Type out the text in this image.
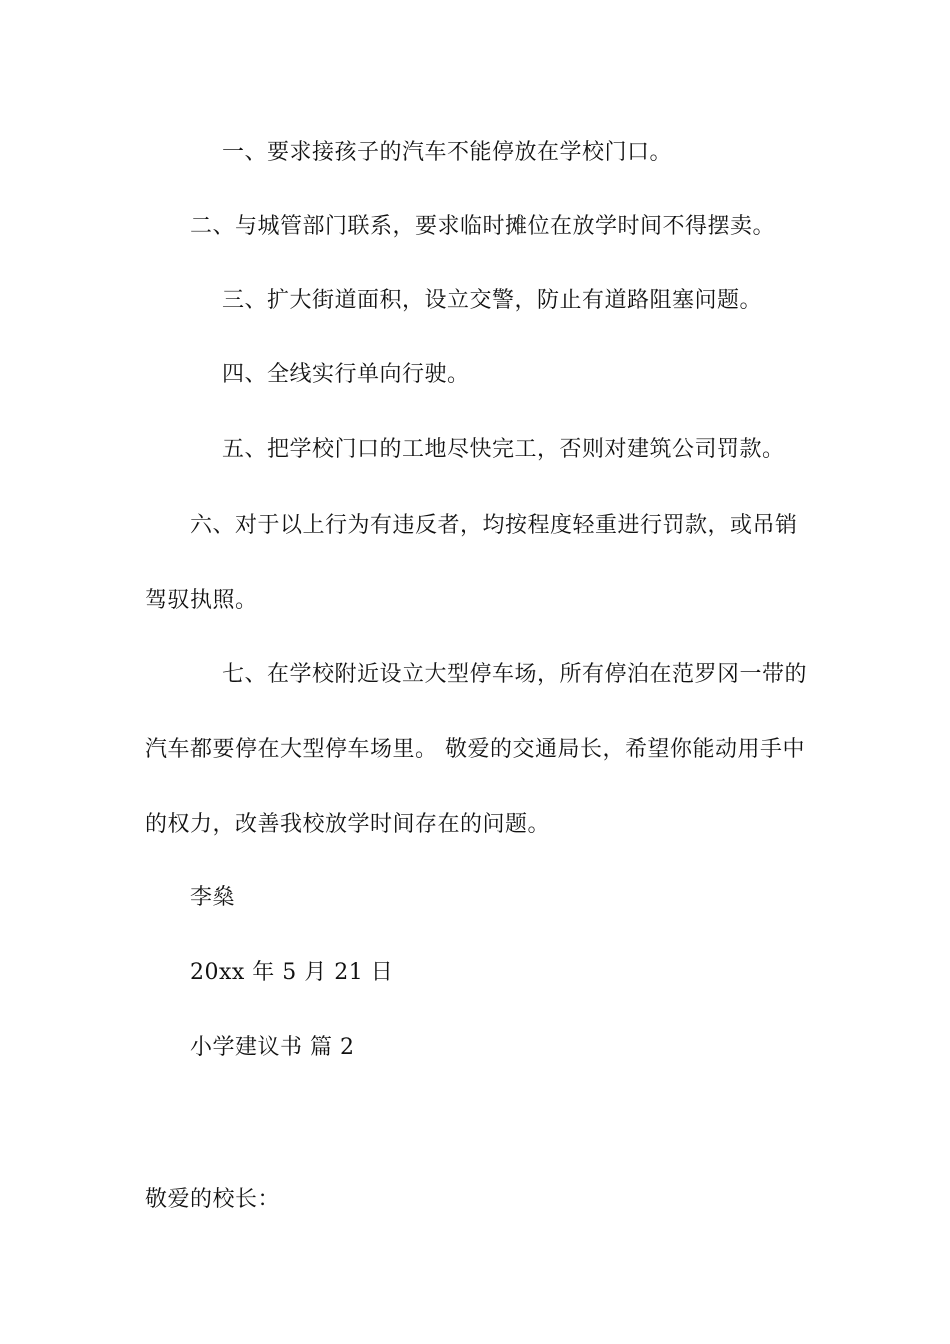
一、要求接孩子的汽车不能停放在学校门口。
二、与城管部门联系，要求临时摊位在放学时间不得摆卖。
三、扩大街道面积，设立交警，防止有道路阻塞问题。
四、全线实行单向行驶。
五、把学校门口的工地尽快完工，否则对建筑公司罚款。
六、对于以上行为有违反者，均按程度轻重进行罚款，或吊销
驾驭执照。
七、在学校附近设立大型停车场，所有停泊在范罗冈一带的
汽车都要停在大型停车场里。 敬爱的交通局长，希望你能动用手中
的权力，改善我校放学时间存在的问题。
李燊
20xx 年 5 月 21 日
小学建议书 篇 2
敬爱的校长：
